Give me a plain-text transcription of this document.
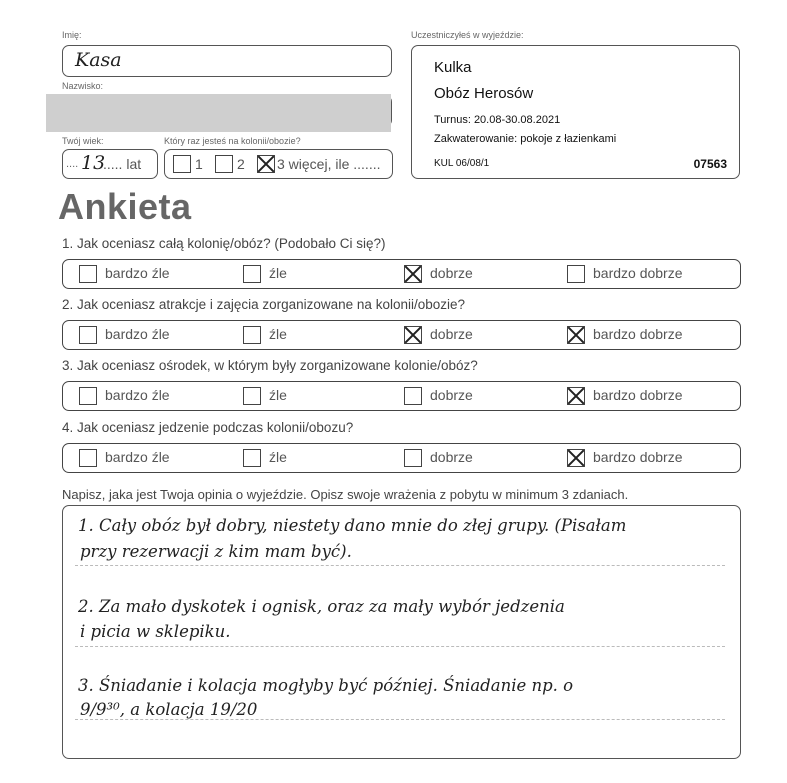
Imię:
Kasa
Nazwisko:
Twój wiek:
.... 13
..... lat
Który raz jesteś na kolonii/obozie?
1 2 3 więcej, ile .......
Uczestniczyłeś w wyjeździe:
Kulka
Obóz Herosów
Turnus: 20.08-30.08.2021
Zakwaterowanie: pokoje z łazienkami
KUL 06/08/1	07563
Ankieta
1. Jak oceniasz całą kolonię/obóz? (Podobało Ci się?)
bardzo źle	źle	dobrze	bardzo dobrze
2. Jak oceniasz atrakcje i zajęcia zorganizowane na kolonii/obozie?
bardzo źle	źle	dobrze	bardzo dobrze
3. Jak oceniasz ośrodek, w którym były zorganizowane kolonie/obóz?
bardzo źle	źle	dobrze	bardzo dobrze
4. Jak oceniasz jedzenie podczas kolonii/obozu?
bardzo źle	źle	dobrze	bardzo dobrze
Napisz, jaka jest Twoja opinia o wyjeździe. Opisz swoje wrażenia z pobytu w minimum 3 zdaniach.
1. Cały obóz był dobry, niestety dano mnie do złej grupy. (Pisałam
przy rezerwacji z kim mam być).
2. Za mało dyskotek i ognisk, oraz za mały wybór jedzenia
i picia w sklepiku.
3. Śniadanie i kolacja mogłyby być później. Śniadanie np. o
9/9³⁰, a kolacja 19/20
